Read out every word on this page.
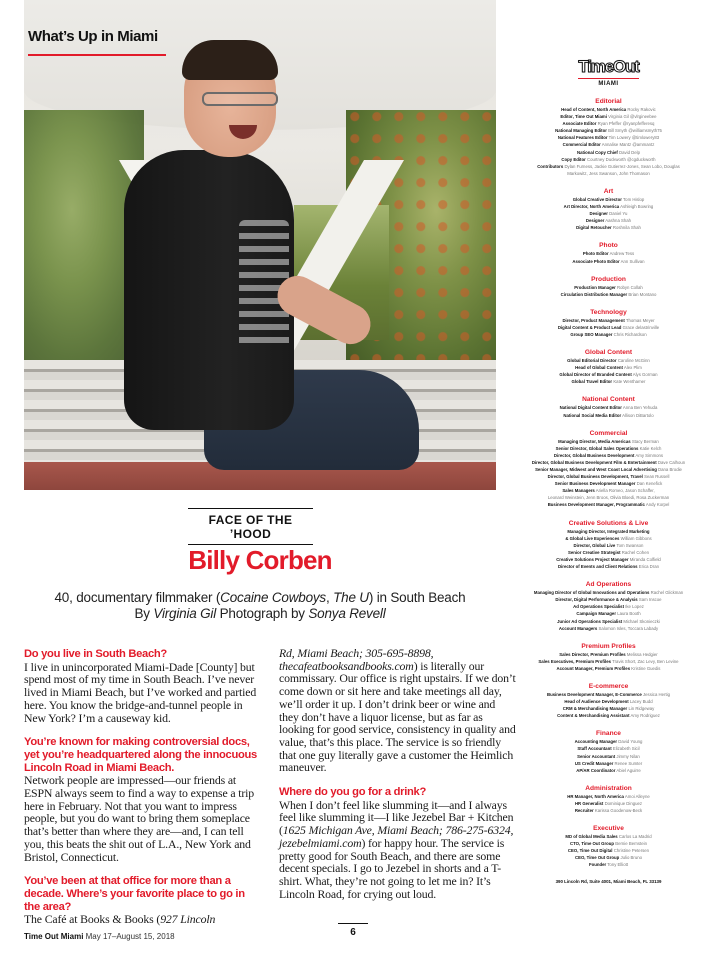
What’s Up in Miami
FACE OF THE ’HOOD
Billy Corben
40, documentary filmmaker (Cocaine Cowboys, The U) in South Beach
By Virginia Gil Photograph by Sonya Revell
Do you live in South Beach?
I live in unincorporated Miami-Dade [County] but spend most of my time in South Beach. I’ve never lived in Miami Beach, but I’ve worked and partied here. You know the bridge-and-tunnel people in New York? I’m a causeway kid.
You’re known for making controversial docs, yet you’re headquartered along the innocuous Lincoln Road in Miami Beach.
Network people are impressed—our friends at ESPN always seem to find a way to expense a trip here in February. Not that you want to impress people, but you do want to bring them someplace that’s better than where they are—and, I can tell you, this beats the shit out of L.A., New York and Bristol, Connecticut.
You’ve been at that office for more than a decade. Where’s your favorite place to go in the area?
The Café at Books & Books (927 Lincoln
Rd, Miami Beach; 305-695-8898, thecafeatbooksandbooks.com) is literally our commissary. Our office is right upstairs. If we don’t come down or sit here and take meetings all day, we’ll order it up. I don’t drink beer or wine and they don’t have a liquor license, but as far as looking for good service, consistency in quality and value, that’s this place. The service is so friendly that one guy literally gave a customer the Heimlich maneuver.
Where do you go for a drink?
When I don’t feel like slumming it—and I always feel like slumming it—I like Jezebel Bar + Kitchen (1625 Michigan Ave, Miami Beach; 786-275-6324, jezebelmiami.com) for happy hour. The service is pretty good for South Beach, and there are some decent specials. I go to Jezebel in shorts and a T-shirt. What, they’re not going to let me in? It’s Lincoln Road, for crying out loud.
TimeOut
MIAMI
Editorial
Head of Content, North America Rocky Rakovic
Editor, Time Out Miami Virginia Gil @vlrgineebee
Associate Editor Ryan Pfeffer @ryanpfefferesq
National Managing Editor Bill Smyth @williamsmyth75
National Features Editor Tim Lowery @timlowery83
Commercial Editor Annalise Mantz @ammantz
National Copy Chief David Delp
Copy Editor Courtney Duckworth @cgduckworth
Contributors Dylan Furness, Jackie Gutierrez-Jones, Sean Lobo, Douglas
Markowitz, Jess Swanson, John Thomason
Art
Global Creative Director Tom Hislop
Art Director, North America Ashleigh Bowring
Designer Daniel Yu
Designer Aashna Shah
Digital Retoucher Roshnila Shah
Photo
Photo Editor Andrew Tess
Associate Photo Editor Ann Sullivan
Production
Production Manager Robyn Collah
Circulation Distribution Manager Brian Montano
Technology
Director, Product Management Thomas Meyer
Digital Content & Product Lead Grace delastrinville
Group SEO Manager Chris Richardson
Global Content
Global Editorial Director Caroline McGinn
Head of Global Content Alex Plim
Global Director of Branded Content Alys Gorman
Global Travel Editor Kate Wenthamer
National Content
National Digital Content Editor Anna Ben Yehuda
National Social Media Editor Allison DiBartolo
Commercial
Managing Director, Media Americas Stacy Berman
Senior Director, Global Sales Operations Katie Kelch
Director, Global Business Development Amy Simmons
Director, Global Business Development Film & Entertainment Dave Calhoun
Senior Manager, Midwest and West Coast Local Advertising Dana Brodie
Director, Global Business Development, Travel Sean Russell
Senior Business Development Manager Dan Kenefick
Sales Managers Ariella Romeo, Jason Schaffer,
Leonard Weinstein, Jenn Broos, Olivia Bloedi, Rosa Zuckerman
Business Development Manager, Programmatic Andy Korpel
Creative Solutions & Live
Managing Director, Integrated Marketing
& Global Live Experiences William Gibbons
Director, Global Live Tom Swanson
Senior Creative Strategist Rachel Cohen
Creative Solutions Project Manager Miranda Colfield
Director of Events and Client Relations Erica Dran
Ad Operations
Managing Director of Global Innovations and Operations Rachel Glickman
Director, Digital Performance & Analysis Sam Inscoe
Ad Operations Specialist Ike Lopez
Campaign Manager Laura Booth
Junior Ad Operations Specialist Michael Skonieczki
Account Managers Salomon Isles, Toccara Labady
Premium Profiles
Sales Director, Premium Profiles Melissa Hedgier
Sales Executives, Premium Profiles Travis Short, Zac Levy, Ben Levine
Account Manager, Premium Profiles Kristine Guedis
E-commerce
Business Development Manager, E-Commerce Jessica Hertig
Head of Audience Development Lacey Budd
CRM & Merchandising Manager Lin Ridgeway
Content & Merchandising Assistant Amy Rodriguez
Finance
Accounting Manager David Young
Staff Accountant Elizabeth Sicil
Senior Accountant Jimmy Nilan
US Credit Manager Renee Sumter
AP/AR Coordinator Abiel Aguirre
Administration
HR Manager, North America Amoi Alleyne
HR Generalist Dominique Dinguez
Recruiter Karissa Goodenow-Beck
Executive
MD of Global Media Sales Carlos La Madrid
CTO, Time Out Group Bernie Bernstein
CEO, Time Out Digital Christine Petersen
CEO, Time Out Group Julio Bruno
Founder Tony Elliott
390 Lincoln Rd, Suite 4001, Miami Beach, FL 33139
Time Out Miami May 17–August 15, 2018	6
